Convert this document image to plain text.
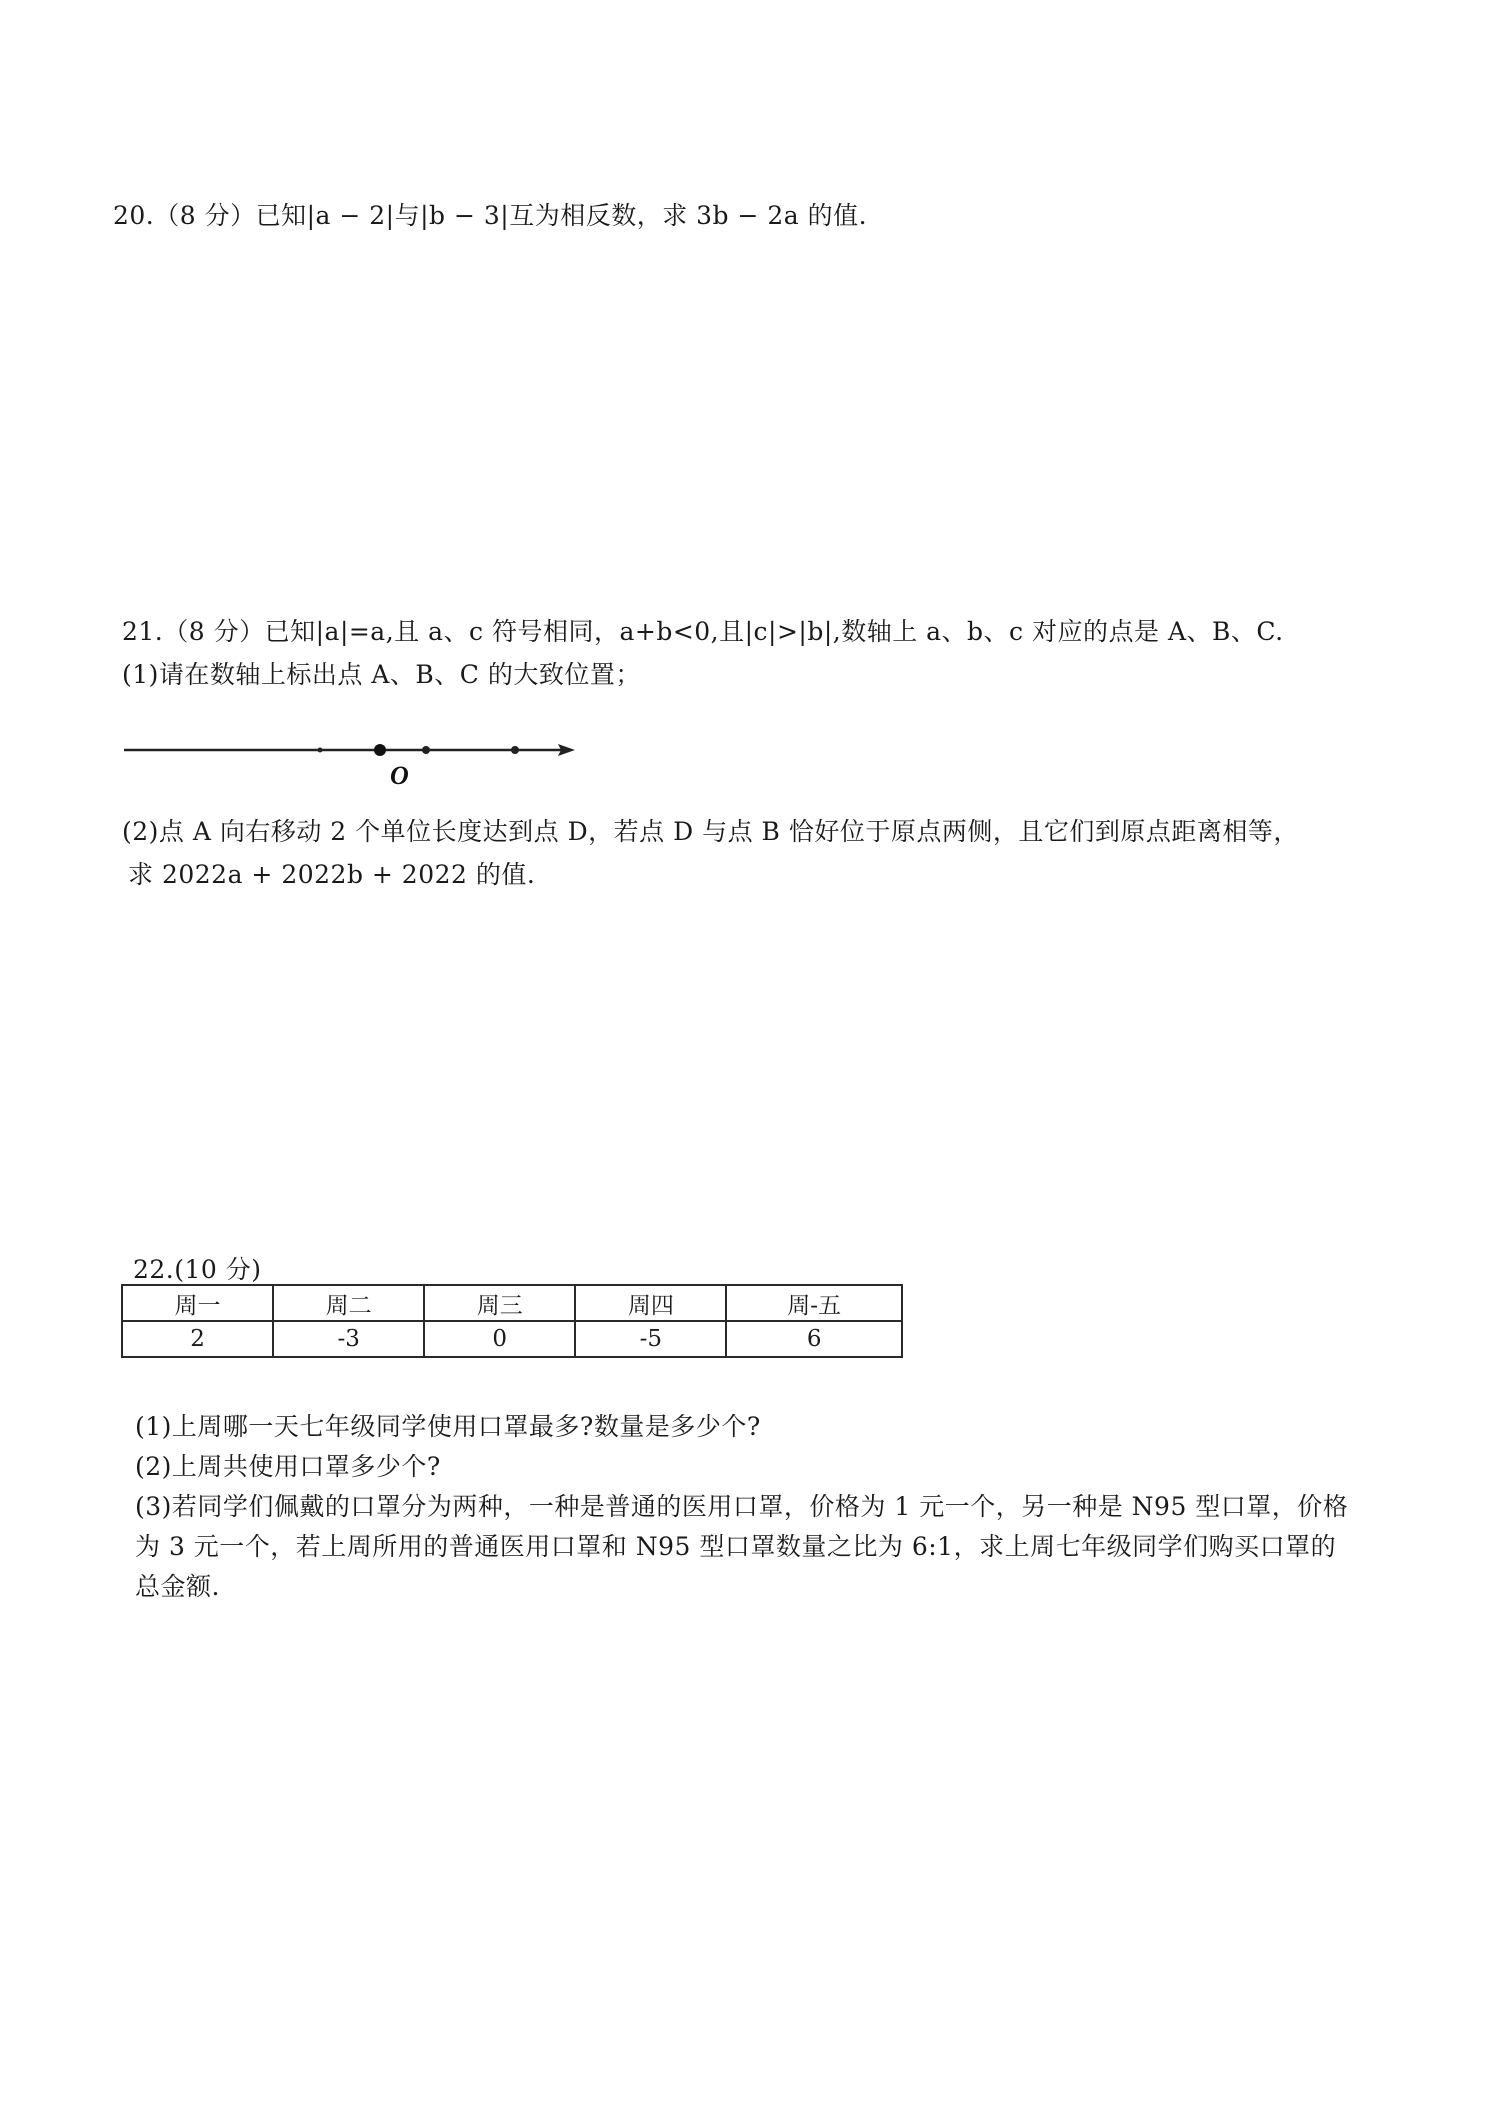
20.（8 分）已知|a − 2|与|b − 3|互为相反数，求 3b − 2a 的值.
21.（8 分）已知|a|=a,且 a、c 符号相同，a+b<0,且|c|>|b|,数轴上 a、b、c 对应的点是 A、B、C.
(1)请在数轴上标出点 A、B、C 的大致位置；
O
(2)点 A 向右移动 2 个单位长度达到点 D，若点 D 与点 B 恰好位于原点两侧，且它们到原点距离相等，
求 2022a + 2022b + 2022 的值.
22.(10 分)
周一	周二	周三	周四	周-五
2	-3	0	-5	6
(1)上周哪一天七年级同学使用口罩最多?数量是多少个?
(2)上周共使用口罩多少个?
(3)若同学们佩戴的口罩分为两种，一种是普通的医用口罩，价格为 1 元一个，另一种是 N95 型口罩，价格
为 3 元一个，若上周所用的普通医用口罩和 N95 型口罩数量之比为 6:1，求上周七年级同学们购买口罩的
总金额.
